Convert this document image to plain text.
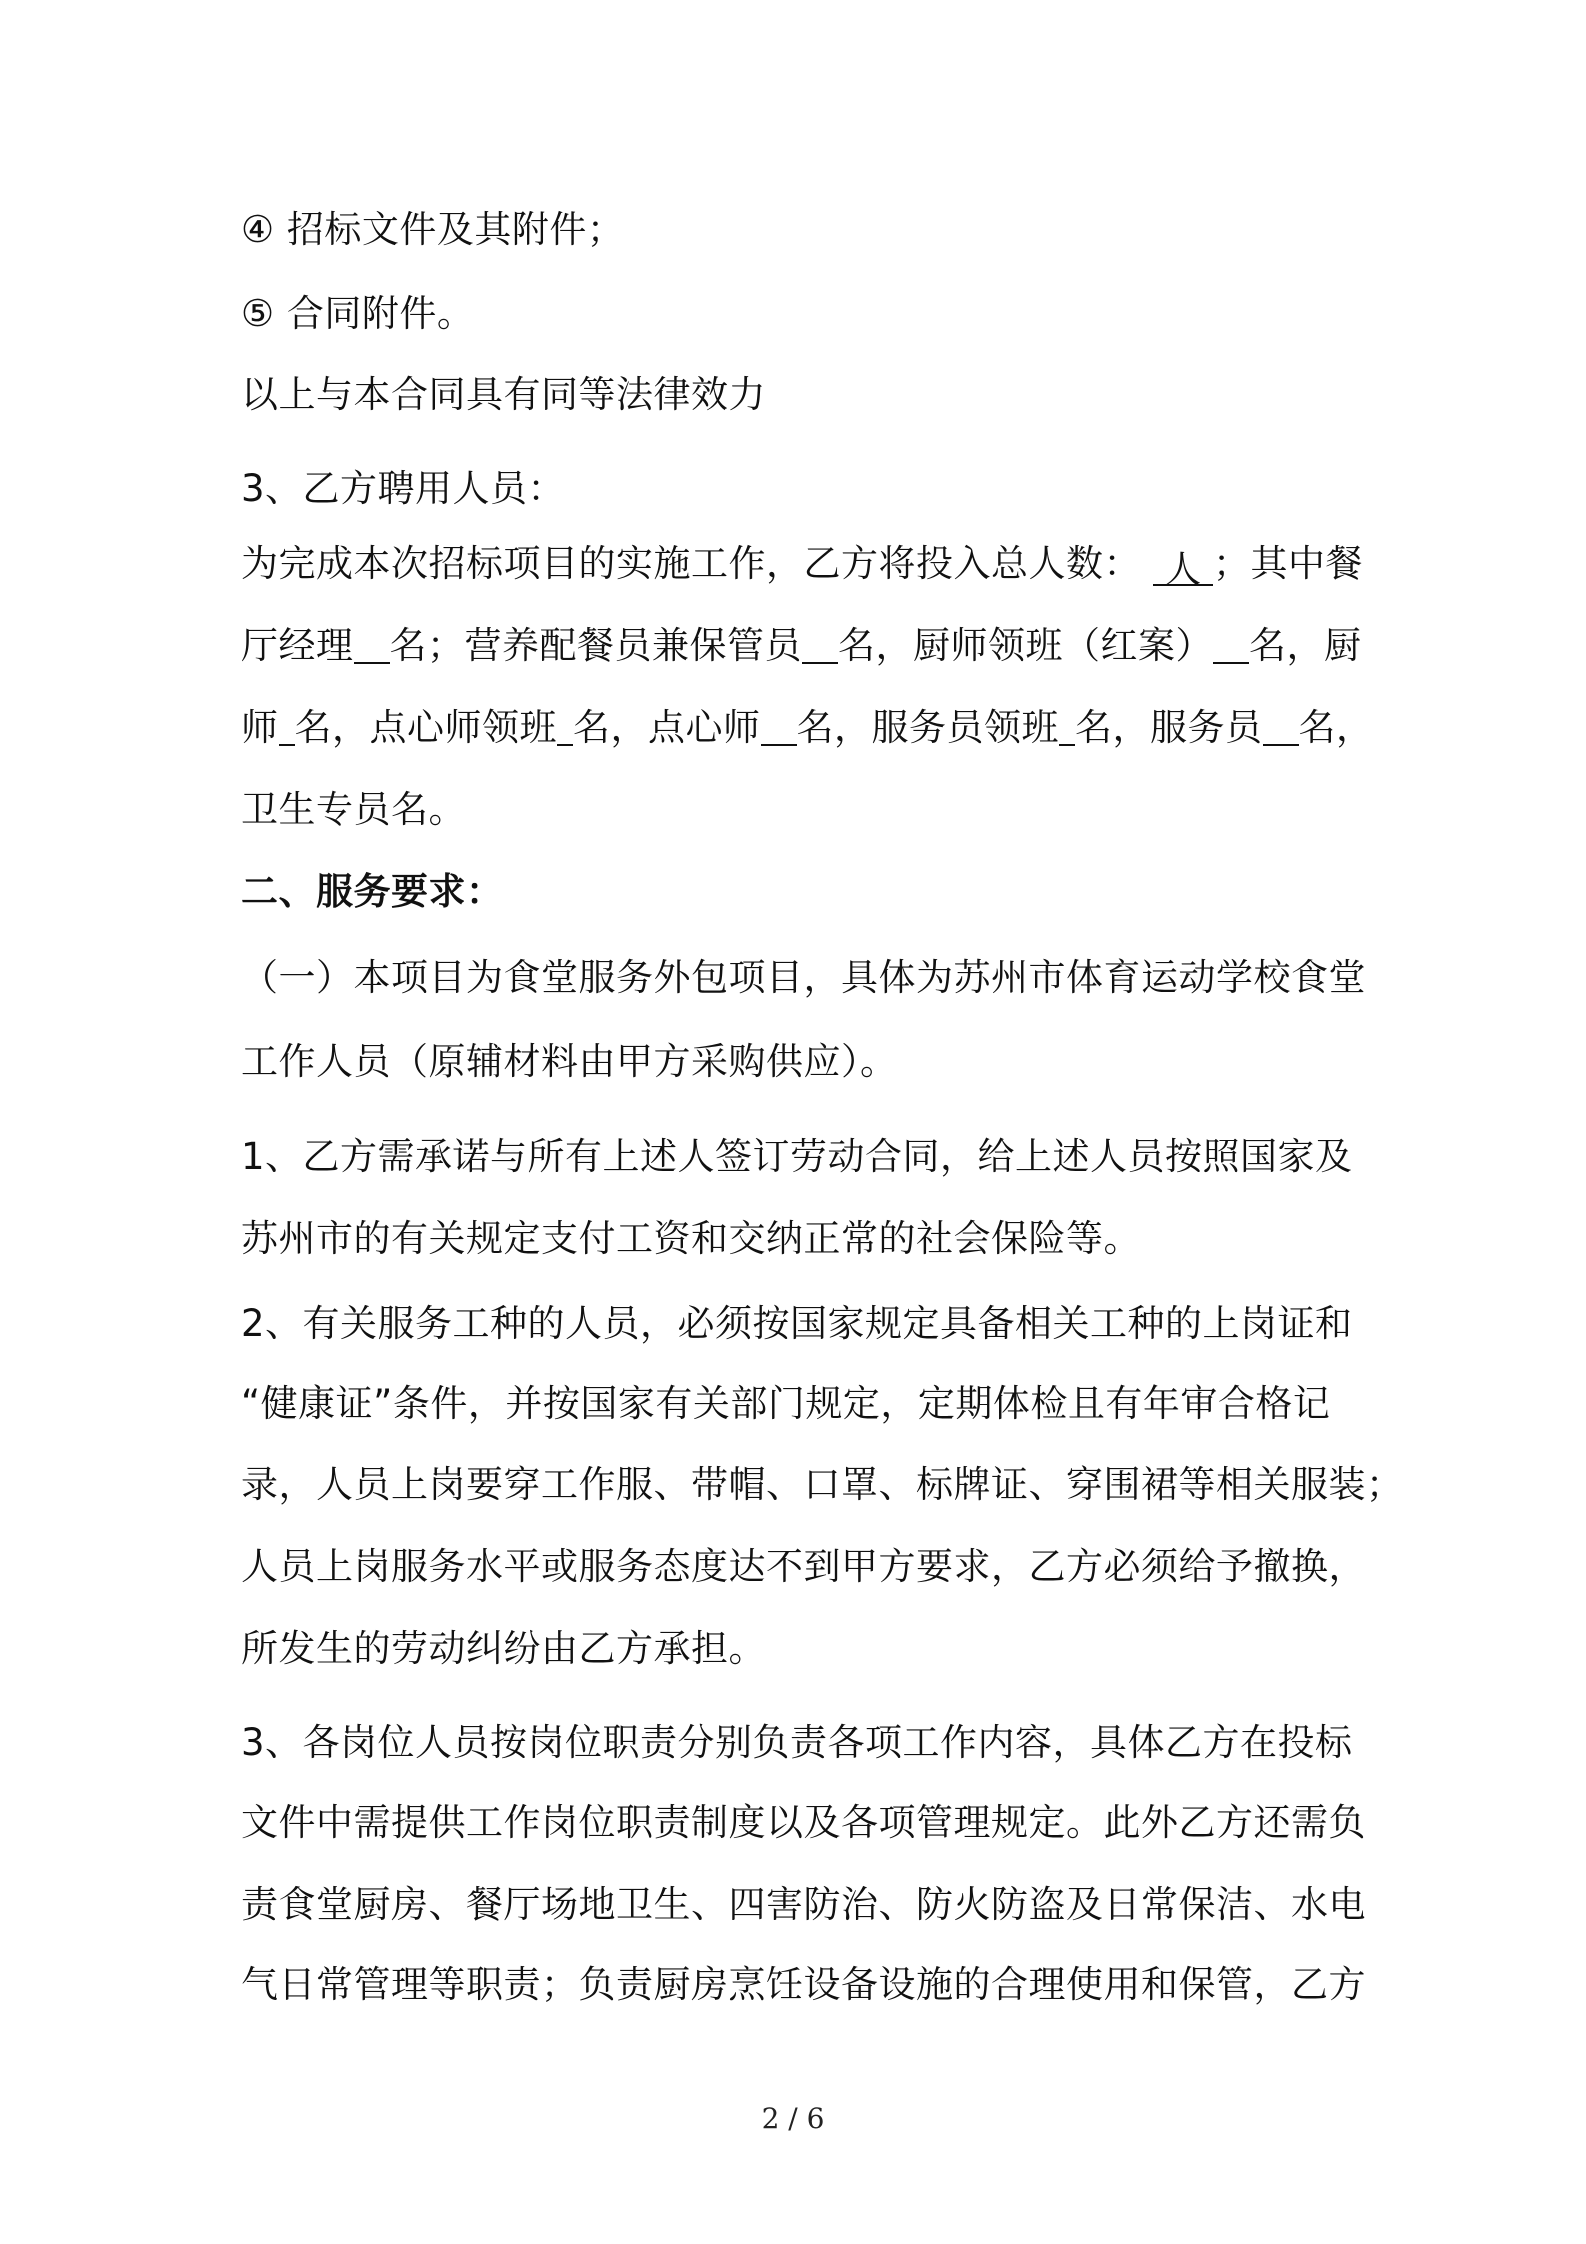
④ 招标文件及其附件；

⑤ 合同附件。

以上与本合同具有同等法律效力

3、乙方聘用人员：

为完成本次招标项目的实施工作，乙方将投入总人数： 人 ；其中餐

厅经理 名；营养配餐员兼保管员 名，厨师领班（红案） 名，厨

师 名，点心师领班 名，点心师 名，服务员领班 名，服务员 名，

卫生专员名。

二、服务要求：

（一）本项目为食堂服务外包项目，具体为苏州市体育运动学校食堂

工作人员（原辅材料由甲方采购供应）。

1、乙方需承诺与所有上述人签订劳动合同，给上述人员按照国家及

苏州市的有关规定支付工资和交纳正常的社会保险等。

2、有关服务工种的人员，必须按国家规定具备相关工种的上岗证和

“健康证”条件，并按国家有关部门规定，定期体检且有年审合格记

录，人员上岗要穿工作服、带帽、口罩、标牌证、穿围裙等相关服装；

人员上岗服务水平或服务态度达不到甲方要求，乙方必须给予撤换，

所发生的劳动纠纷由乙方承担。

3、各岗位人员按岗位职责分别负责各项工作内容，具体乙方在投标

文件中需提供工作岗位职责制度以及各项管理规定。此外乙方还需负

责食堂厨房、餐厅场地卫生、四害防治、防火防盗及日常保洁、水电

气日常管理等职责；负责厨房烹饪设备设施的合理使用和保管，乙方

2 / 6
